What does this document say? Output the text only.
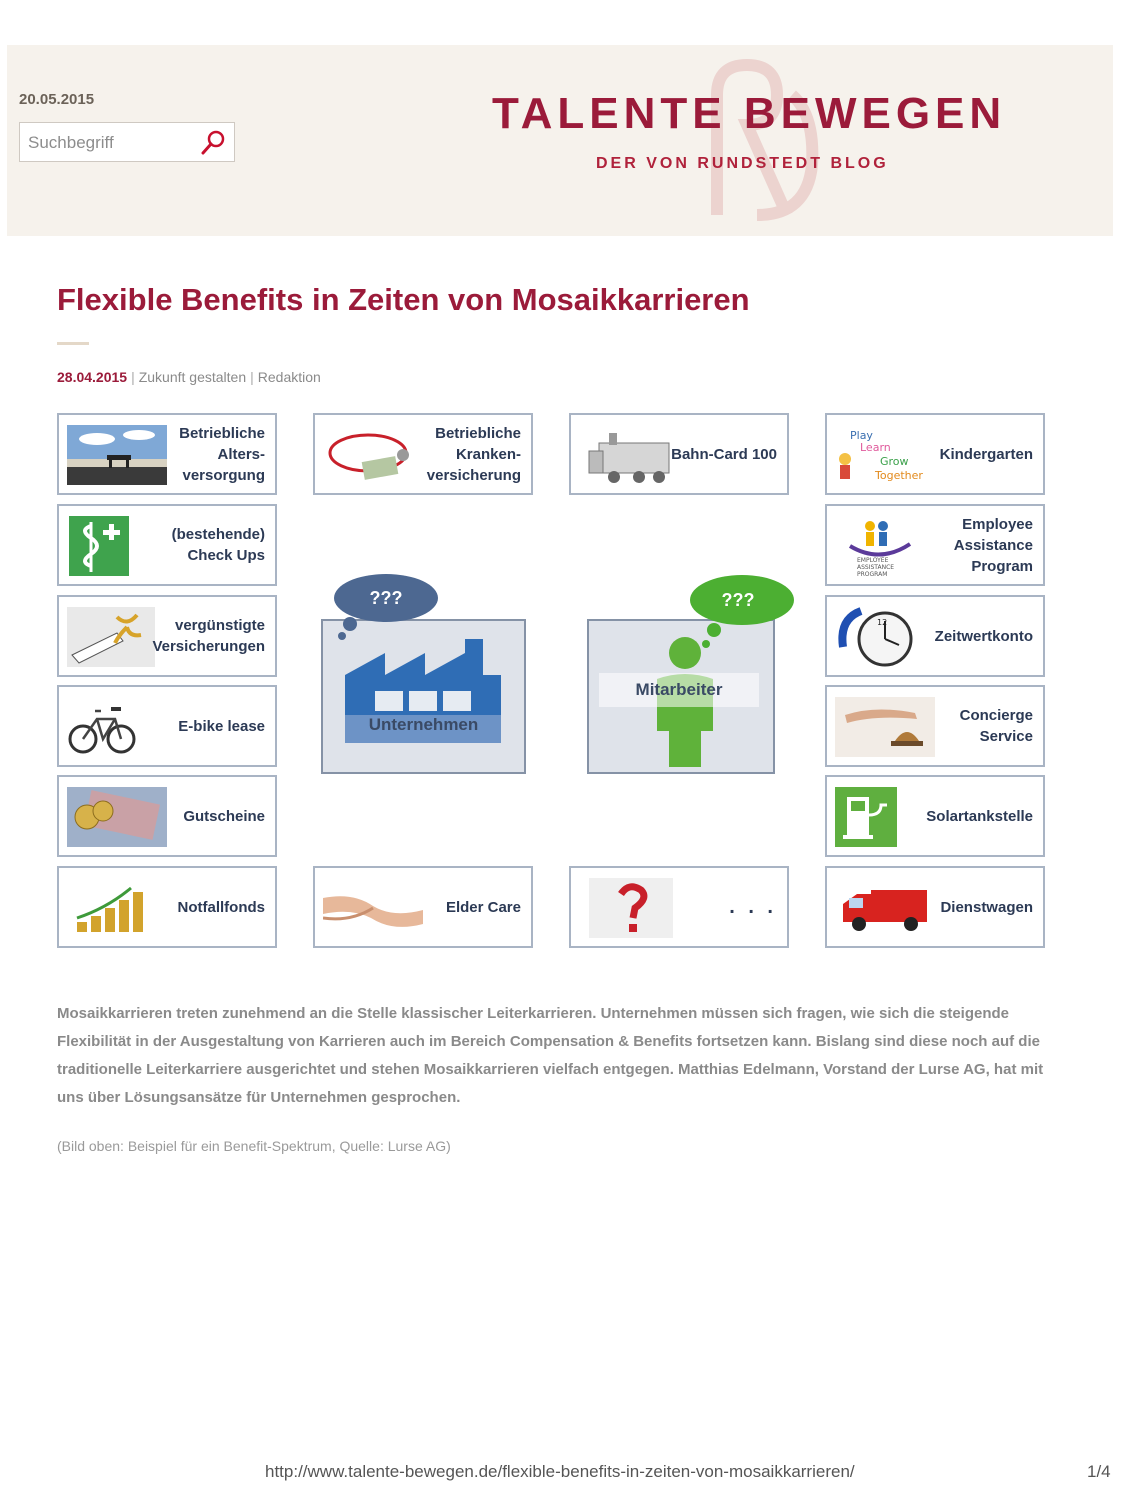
20.05.2015
Suchbegriff	TALENTE BEWEGEN
DER VON RUNDSTEDT BLOG
Flexible Benefits in Zeiten von Mosaikkarrieren
28.04.2015 | Zukunft gestalten | Redaktion
Betriebliche
Alters-
versorgung
Betriebliche
Kranken-
versicherung
Bahn-Card 100
Play
Learn
Grow
Together
Kindergarten
(bestehende)
Check Ups	EMPLOYEE
ASSISTANCE
PROGRAM
Employee
Assistance
Program
vergünstigte
Versicherungen
12
Zeitwertkonto
E-bike lease
Concierge
Service
Gutscheine	Solartankstelle
Notfallfonds	Elder Care	. . .	Dienstwagen
Unternehmen
???
Mitarbeiter
???
Mosaikkarrieren treten zunehmend an die Stelle klassischer Leiterkarrieren. Unternehmen müssen sich fragen, wie sich die steigende Flexibilität in der Ausgestaltung von Karrieren auch im Bereich Compensation & Benefits fortsetzen kann. Bislang sind diese noch auf die traditionelle Leiterkarriere ausgerichtet und stehen Mosaikkarrieren vielfach entgegen. Matthias Edelmann, Vorstand der Lurse AG, hat mit uns über Lösungsansätze für Unternehmen gesprochen.
(Bild oben: Beispiel für ein Benefit-Spektrum, Quelle: Lurse AG)
http://www.talente-bewegen.de/flexible-benefits-in-zeiten-von-mosaikkarrieren/	1/4
